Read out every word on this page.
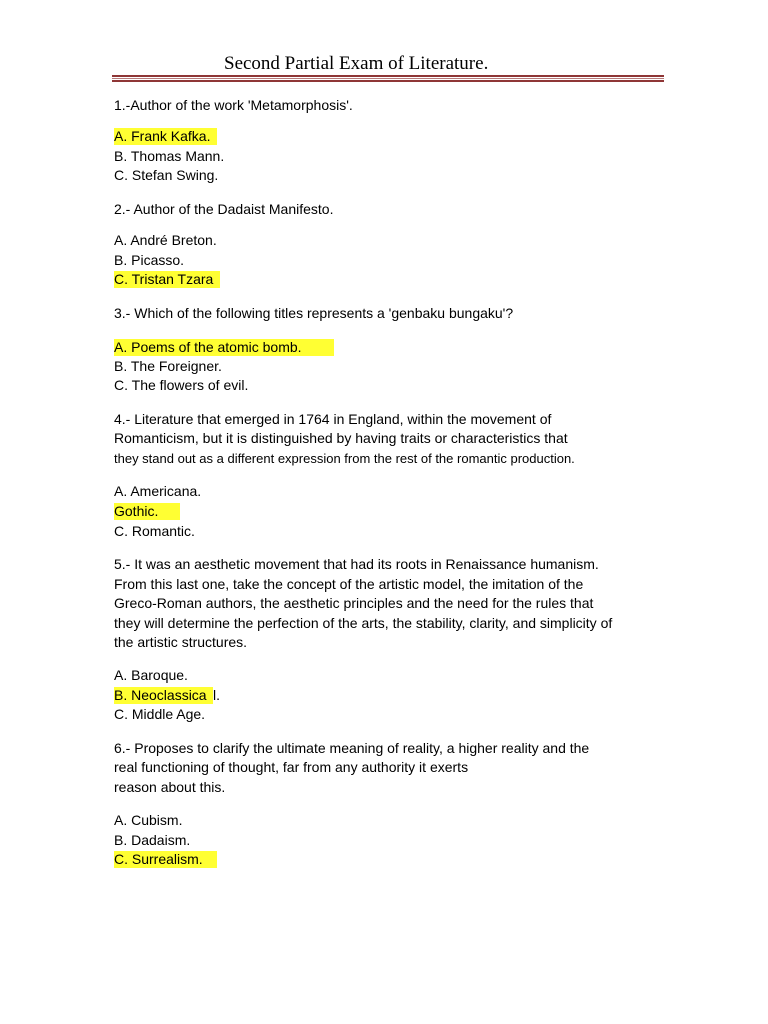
Second Partial Exam of Literature.
1.-Author of the work 'Metamorphosis'.
A. Frank Kafka.
B. Thomas Mann.
C. Stefan Swing.
2.- Author of the Dadaist Manifesto.
A. André Breton.
B. Picasso.
C. Tristan Tzara
3.- Which of the following titles represents a 'genbaku bungaku'?
A. Poems of the atomic bomb.
B. The Foreigner.
C. The flowers of evil.
4.- Literature that emerged in 1764 in England, within the movement of
Romanticism, but it is distinguished by having traits or characteristics that
they stand out as a different expression from the rest of the romantic production.
A. Americana.
Gothic.
C. Romantic.
5.- It was an aesthetic movement that had its roots in Renaissance humanism.
From this last one, take the concept of the artistic model, the imitation of the
Greco-Roman authors, the aesthetic principles and the need for the rules that
they will determine the perfection of the arts, the stability, clarity, and simplicity of
the artistic structures.
A. Baroque.
B. Neoclassica l.
C. Middle Age.
6.- Proposes to clarify the ultimate meaning of reality, a higher reality and the
real functioning of thought, far from any authority it exerts
reason about this.
A. Cubism.
B. Dadaism.
C. Surrealism.
